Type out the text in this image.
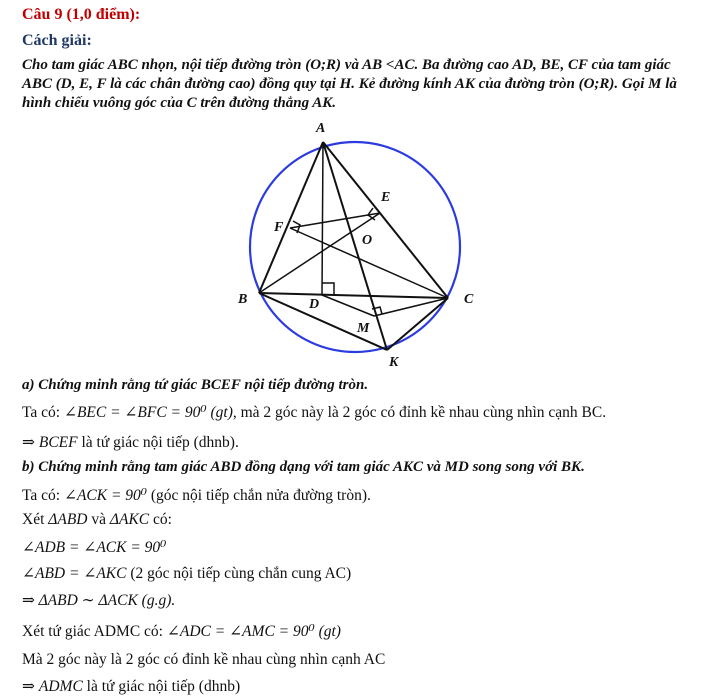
Câu 9 (1,0 điểm):
Cách giải:
Cho tam giác ABC nhọn, nội tiếp đường tròn (O;R) và AB <AC. Ba đường cao AD, BE, CF của tam giác
ABC (D, E, F là các chân đường cao) đồng quy tại H. Kẻ đường kính AK của đường tròn (O;R). Gọi M là
hình chiếu vuông góc của C trên đường thẳng AK.
A
E
F
O
B	C
D
M
K
a) Chứng minh rằng tứ giác BCEF nội tiếp đường tròn.
Ta có: ∠BEC = ∠BFC = 90⁰ (gt), mà 2 góc này là 2 góc có đỉnh kề nhau cùng nhìn cạnh BC.
⇒ BCEF là tứ giác nội tiếp (dhnb).
b) Chứng minh rằng tam giác ABD đồng dạng với tam giác AKC và MD song song với BK.
Ta có: ∠ACK = 90⁰ (góc nội tiếp chắn nửa đường tròn).
Xét ΔABD và ΔAKC có:
∠ADB = ∠ACK = 90⁰
∠ABD = ∠AKC (2 góc nội tiếp cùng chắn cung AC)
⇒ ΔABD ∼ ΔACK (g.g).
Xét tứ giác ADMC có: ∠ADC = ∠AMC = 90⁰ (gt)
Mà 2 góc này là 2 góc có đỉnh kề nhau cùng nhìn cạnh AC
⇒ ADMC là tứ giác nội tiếp (dhnb)
